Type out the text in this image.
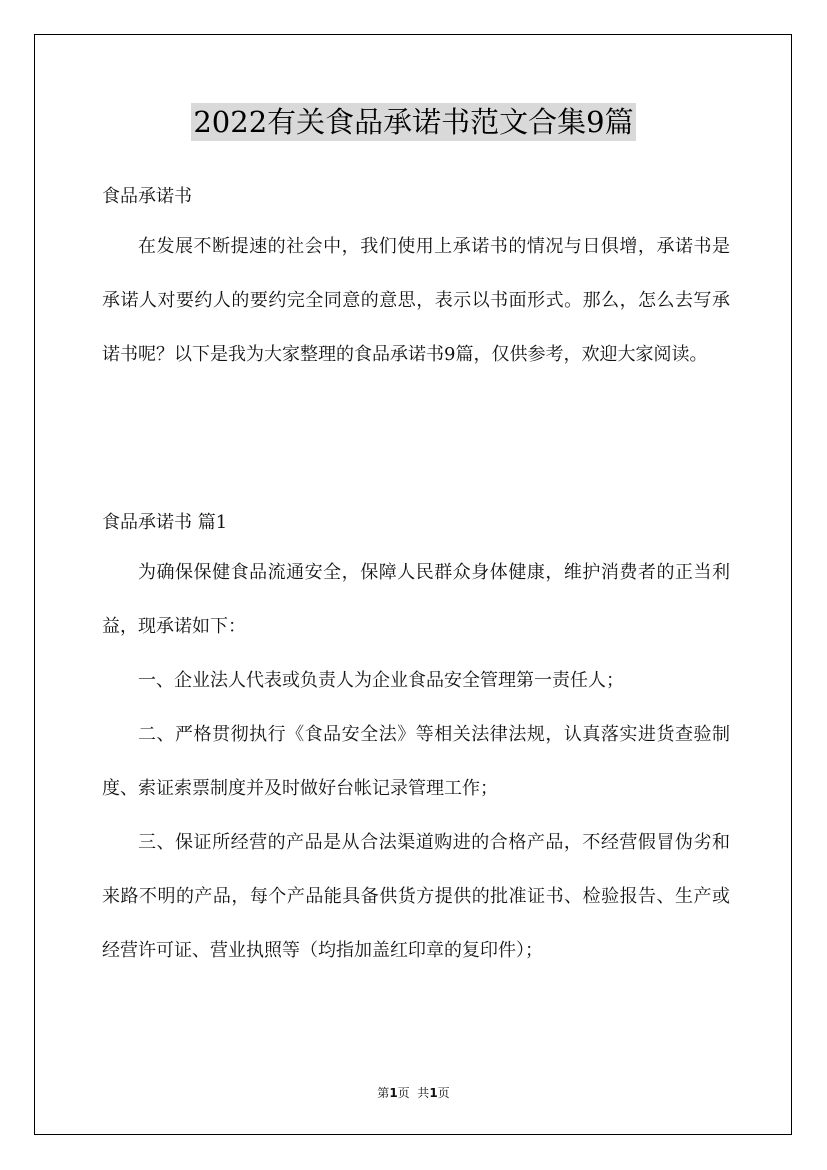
2022有关食品承诺书范文合集9篇
食品承诺书
在发展不断提速的社会中，我们使用上承诺书的情况与日俱增，承诺书是承诺人对要约人的要约完全同意的意思，表示以书面形式。那么，怎么去写承诺书呢？以下是我为大家整理的食品承诺书9篇，仅供参考，欢迎大家阅读。
食品承诺书 篇1
为确保保健食品流通安全，保障人民群众身体健康，维护消费者的正当利益，现承诺如下：
一、企业法人代表或负责人为企业食品安全管理第一责任人；
二、严格贯彻执行《食品安全法》等相关法律法规，认真落实进货查验制度、索证索票制度并及时做好台帐记录管理工作；
三、保证所经营的产品是从合法渠道购进的合格产品，不经营假冒伪劣和来路不明的产品，每个产品能具备供货方提供的批准证书、检验报告、生产或经营许可证、营业执照等（均指加盖红印章的复印件）；
第1页  共1页
